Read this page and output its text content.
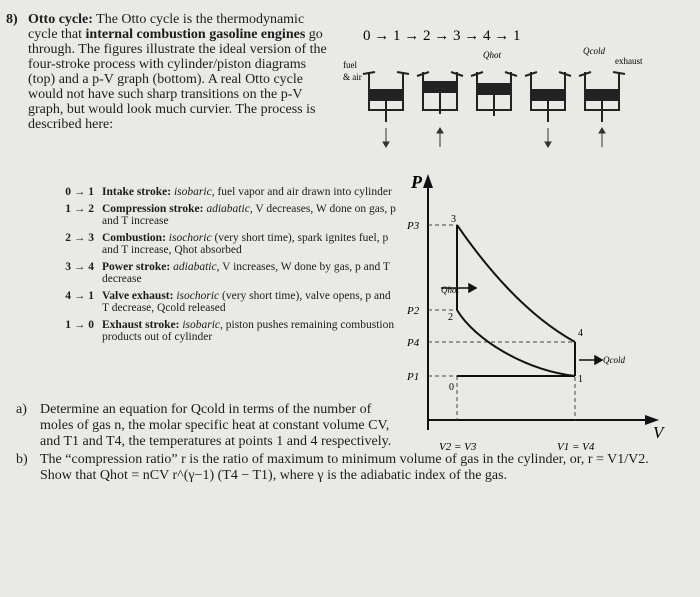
8) Otto cycle: The Otto cycle is the thermodynamic cycle that internal combustion gasoline engines go through. The figures illustrate the ideal version of the four-stroke process with cylinder/piston diagrams (top) and a p-V graph (bottom). A real Otto cycle would not have such sharp transitions on the p-V graph, but would look much curvier. The process is described here:
0 → 1 Intake stroke: isobaric, fuel vapor and air drawn into cylinder
1 → 2 Compression stroke: adiabatic, V decreases, W done on gas, p and T increase
2 → 3 Combustion: isochoric (very short time), spark ignites fuel, p and T increase, Qhot absorbed
3 → 4 Power stroke: adiabatic, V increases, W done by gas, p and T decrease
4 → 1 Valve exhaust: isochoric (very short time), valve opens, p and T decrease, Qcold released
1 → 0 Exhaust stroke: isobaric, piston pushes remaining combustion products out of cylinder
a) Determine an equation for Qcold in terms of the number of moles of gas n, the molar specific heat at constant volume CV, and T1 and T4, the temperatures at points 1 and 4 respectively.
b) The “compression ratio” r is the ratio of maximum to minimum volume of gas in the cylinder, or, r = V1/V2. Show that Qhot = nCV r^(γ−1) (T4 − T1), where γ is the adiabatic index of the gas.
0 → 1 → 2 → 3 → 4 → 1
fuel
& air
exhaust
Qhot	Qcold
P
V
Qhot
Qcold
P3
P2
P4
P1
V2 = V3	V1 = V4
0
1
2
3
4
